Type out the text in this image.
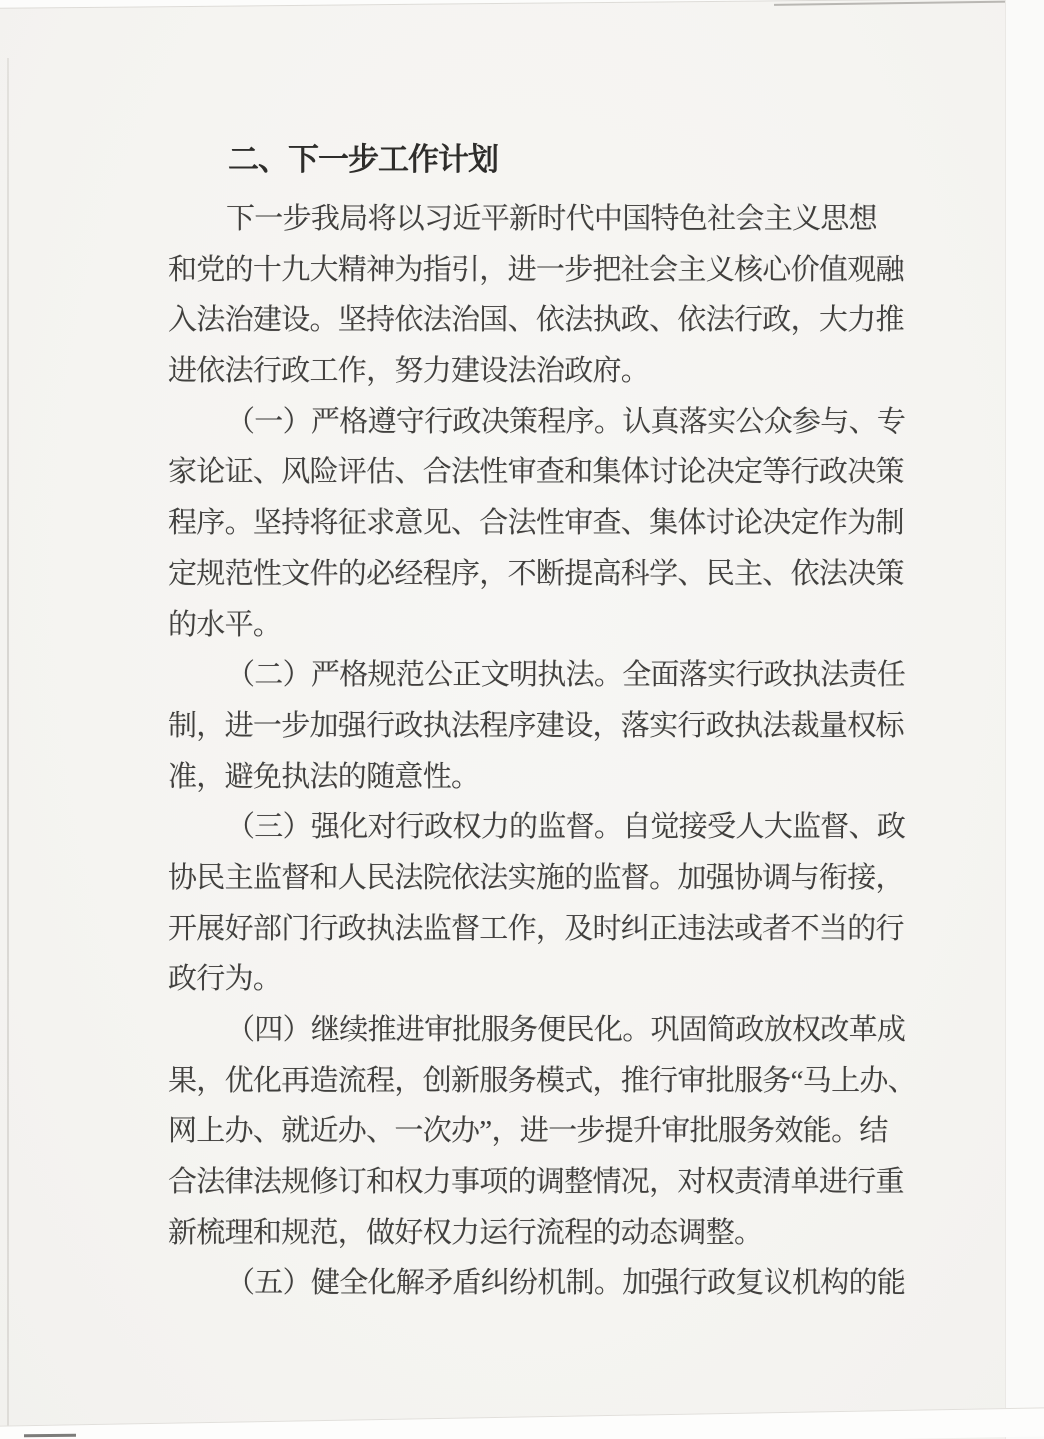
二、下一步工作计划
下一步我局将以习近平新时代中国特色社会主义思想
和党的十九大精神为指引，进一步把社会主义核心价值观融
入法治建设。坚持依法治国、依法执政、依法行政，大力推
进依法行政工作，努力建设法治政府。
（一）严格遵守行政决策程序。认真落实公众参与、专
家论证、风险评估、合法性审查和集体讨论决定等行政决策
程序。坚持将征求意见、合法性审查、集体讨论决定作为制
定规范性文件的必经程序，不断提高科学、民主、依法决策
的水平。
（二）严格规范公正文明执法。全面落实行政执法责任
制，进一步加强行政执法程序建设，落实行政执法裁量权标
准，避免执法的随意性。
（三）强化对行政权力的监督。自觉接受人大监督、政
协民主监督和人民法院依法实施的监督。加强协调与衔接，
开展好部门行政执法监督工作，及时纠正违法或者不当的行
政行为。
（四）继续推进审批服务便民化。巩固简政放权改革成
果，优化再造流程，创新服务模式，推行审批服务“马上办、
网上办、就近办、一次办”，进一步提升审批服务效能。结
合法律法规修订和权力事项的调整情况，对权责清单进行重
新梳理和规范，做好权力运行流程的动态调整。
（五）健全化解矛盾纠纷机制。加强行政复议机构的能
